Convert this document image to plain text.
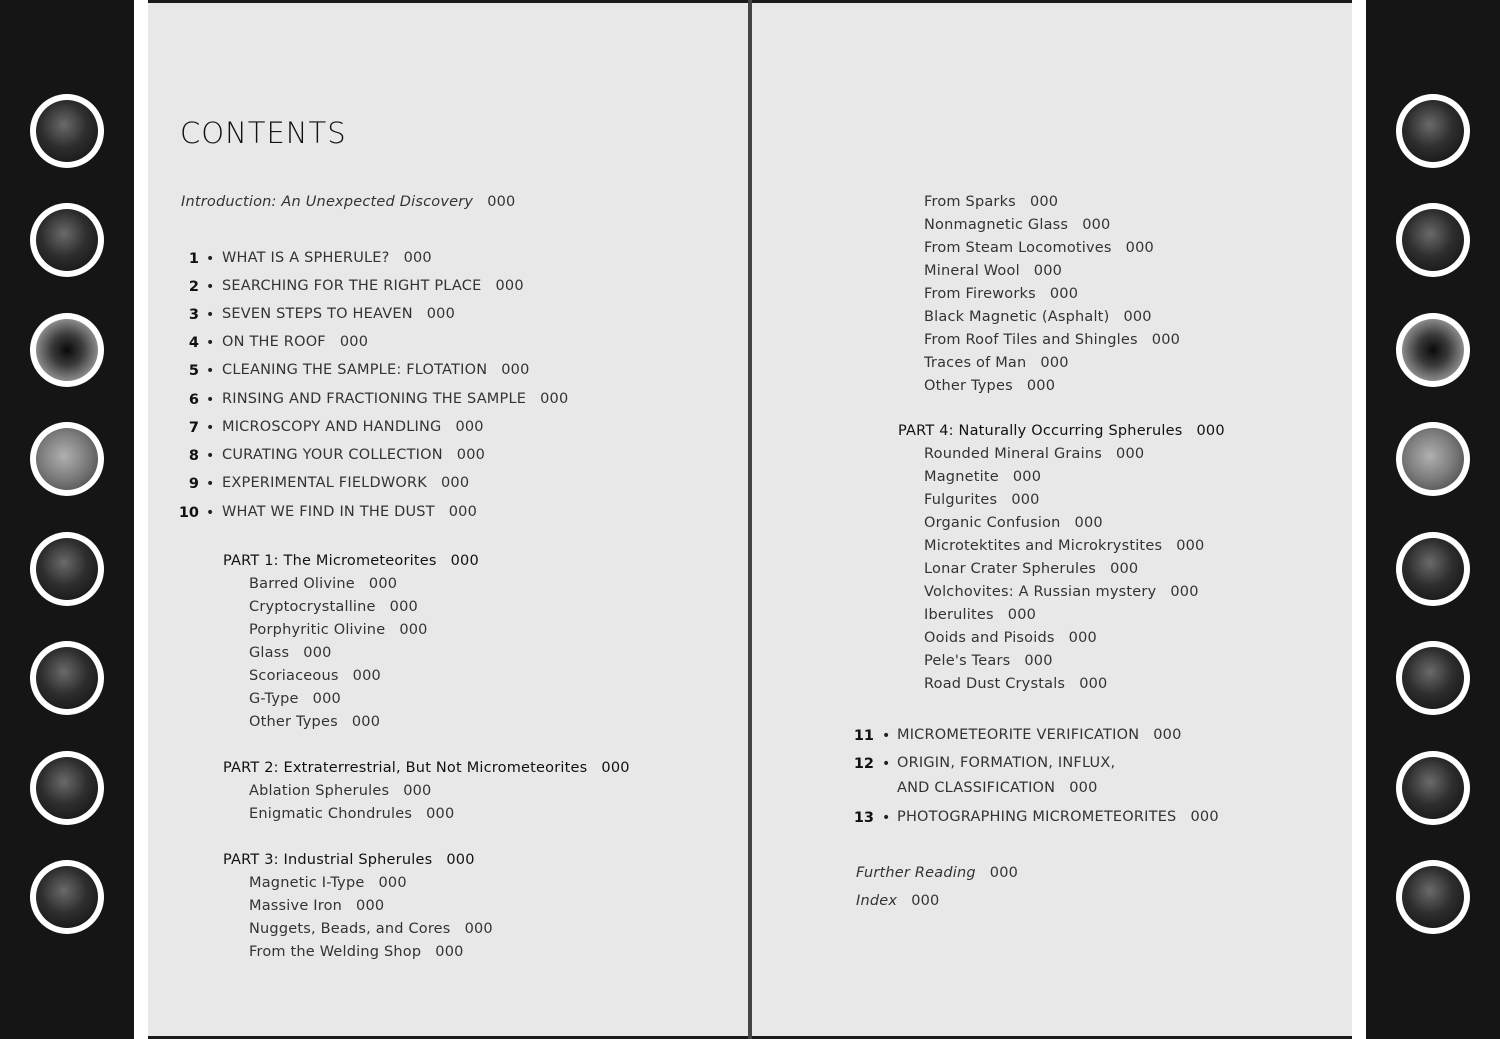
CONTENTS
Introduction: An Unexpected Discovery 000
1 • WHAT IS A SPHERULE? 000
2 • SEARCHING FOR THE RIGHT PLACE 000
3 • SEVEN STEPS TO HEAVEN 000
4 • ON THE ROOF 000
5 • CLEANING THE SAMPLE: FLOTATION 000
6 • RINSING AND FRACTIONING THE SAMPLE 000
7 • MICROSCOPY AND HANDLING 000
8 • CURATING YOUR COLLECTION 000
9 • EXPERIMENTAL FIELDWORK 000
10 • WHAT WE FIND IN THE DUST 000
PART 1: The Micrometeorites 000
Barred Olivine 000
Cryptocrystalline 000
Porphyritic Olivine 000
Glass 000
Scoriaceous 000
G-Type 000
Other Types 000
PART 2: Extraterrestrial, But Not Micrometeorites 000
Ablation Spherules 000
Enigmatic Chondrules 000
PART 3: Industrial Spherules 000
Magnetic I-Type 000
Massive Iron 000
Nuggets, Beads, and Cores 000
From the Welding Shop 000
From Sparks 000
Nonmagnetic Glass 000
From Steam Locomotives 000
Mineral Wool 000
From Fireworks 000
Black Magnetic (Asphalt) 000
From Roof Tiles and Shingles 000
Traces of Man 000
Other Types 000
PART 4: Naturally Occurring Spherules 000
Rounded Mineral Grains 000
Magnetite 000
Fulgurites 000
Organic Confusion 000
Microtektites and Microkrystites 000
Lonar Crater Spherules 000
Volchovites: A Russian mystery 000
Iberulites 000
Ooids and Pisoids 000
Pele's Tears 000
Road Dust Crystals 000
11 • MICROMETEORITE VERIFICATION 000
12 • ORIGIN, FORMATION, INFLUX,
AND CLASSIFICATION 000
13 • PHOTOGRAPHING MICROMETEORITES 000
Further Reading 000
Index 000
